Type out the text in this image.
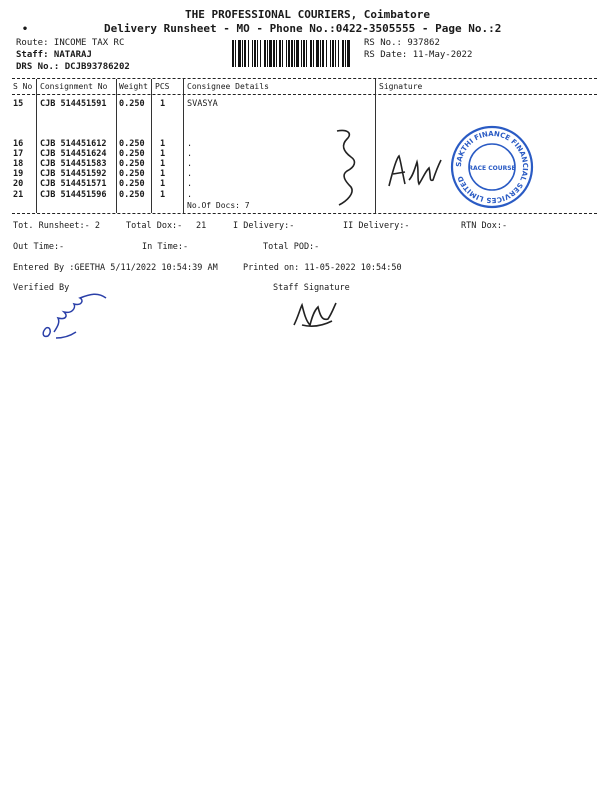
THE PROFESSIONAL COURIERS, Coimbatore
Delivery Runsheet - MO - Phone No.:0422-3505555 - Page No.:2
•
Route: INCOME TAX RC
Staff: NATARAJ
DRS No.: DCJB93786202
RS No.: 937862
RS Date: 11-May-2022
S No Consignment No Weight PCS Consignee Details	Signature
15 CJB 514451591 0.250 1	SVASYA
16 CJB 514451612 0.250 1	.
17 CJB 514451624 0.250 1	.
18 CJB 514451583 0.250 1	.
19 CJB 514451592 0.250 1	.
20 CJB 514451571 0.250 1	.
21 CJB 514451596 0.250 1	.
No.Of Docs: 7
SAKTHI FINANCE FINANCIAL SERVICES LIMITED
RACE COURSE
Tot. Runsheet:- 2	Total Dox:- 21	I Delivery:-	II Delivery:-	RTN Dox:-
Out Time:-	In Time:-	Total POD:-
Entered By :GEETHA 5/11/2022 10:54:39 AM	Printed on: 11-05-2022 10:54:50
Verified By	Staff Signature
